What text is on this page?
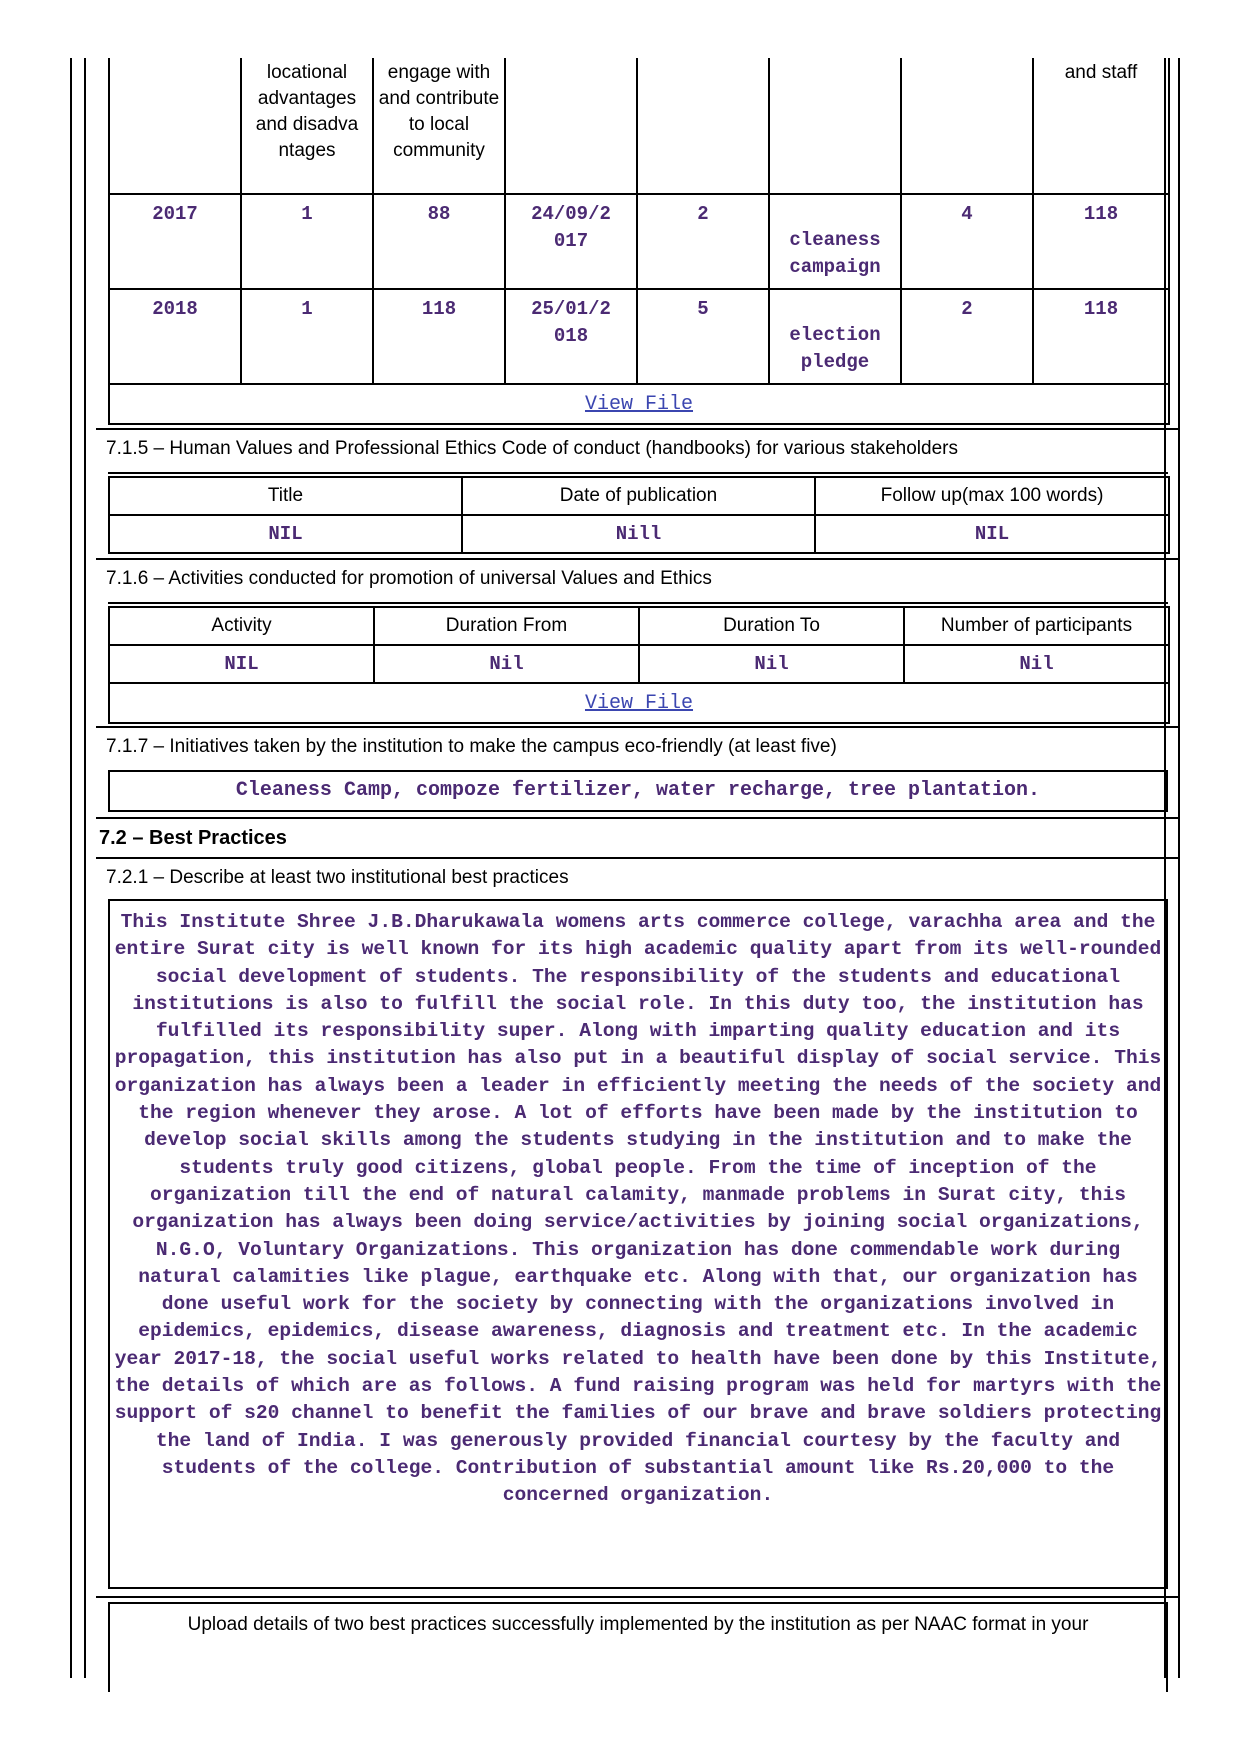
	locational advantages and disadva ntages	engage with and contribute to local community					and staff
2017	1	88	24/09/2 017	2	cleaness campaign	4	118
2018	1	118	25/01/2 018	5	election pledge	2	118
View File							
7.1.5 – Human Values and Professional Ethics Code of conduct (handbooks) for various stakeholders
Title	Date of publication	Follow up(max 100 words)
NIL	Nill	NIL
7.1.6 – Activities conducted for promotion of universal Values and Ethics
Activity	Duration From	Duration To	Number of participants
NIL	Nil	Nil	Nil
View File			
7.1.7 – Initiatives taken by the institution to make the campus eco-friendly (at least five)
Cleaness Camp, compoze fertilizer, water recharge, tree plantation.
7.2 – Best Practices
7.2.1 – Describe at least two institutional best practices
This Institute Shree J.B.Dharukawala womens arts commerce college, varachha area and the entire Surat city is well known for its high academic quality apart from its well-rounded social development of students. The responsibility of the students and educational institutions is also to fulfill the social role. In this duty too, the institution has fulfilled its responsibility super. Along with imparting quality education and its propagation, this institution has also put in a beautiful display of social service. This organization has always been a leader in efficiently meeting the needs of the society and the region whenever they arose. A lot of efforts have been made by the institution to develop social skills among the students studying in the institution and to make the students truly good citizens, global people. From the time of inception of the organization till the end of natural calamity, manmade problems in Surat city, this organization has always been doing service/activities by joining social organizations, N.G.O, Voluntary Organizations. This organization has done commendable work during natural calamities like plague, earthquake etc. Along with that, our organization has done useful work for the society by connecting with the organizations involved in epidemics, epidemics, disease awareness, diagnosis and treatment etc. In the academic year 2017-18, the social useful works related to health have been done by this Institute, the details of which are as follows. A fund raising program was held for martyrs with the support of s20 channel to benefit the families of our brave and brave soldiers protecting the land of India. I was generously provided financial courtesy by the faculty and students of the college. Contribution of substantial amount like Rs.20,000 to the concerned organization.
Upload details of two best practices successfully implemented by the institution as per NAAC format in your
